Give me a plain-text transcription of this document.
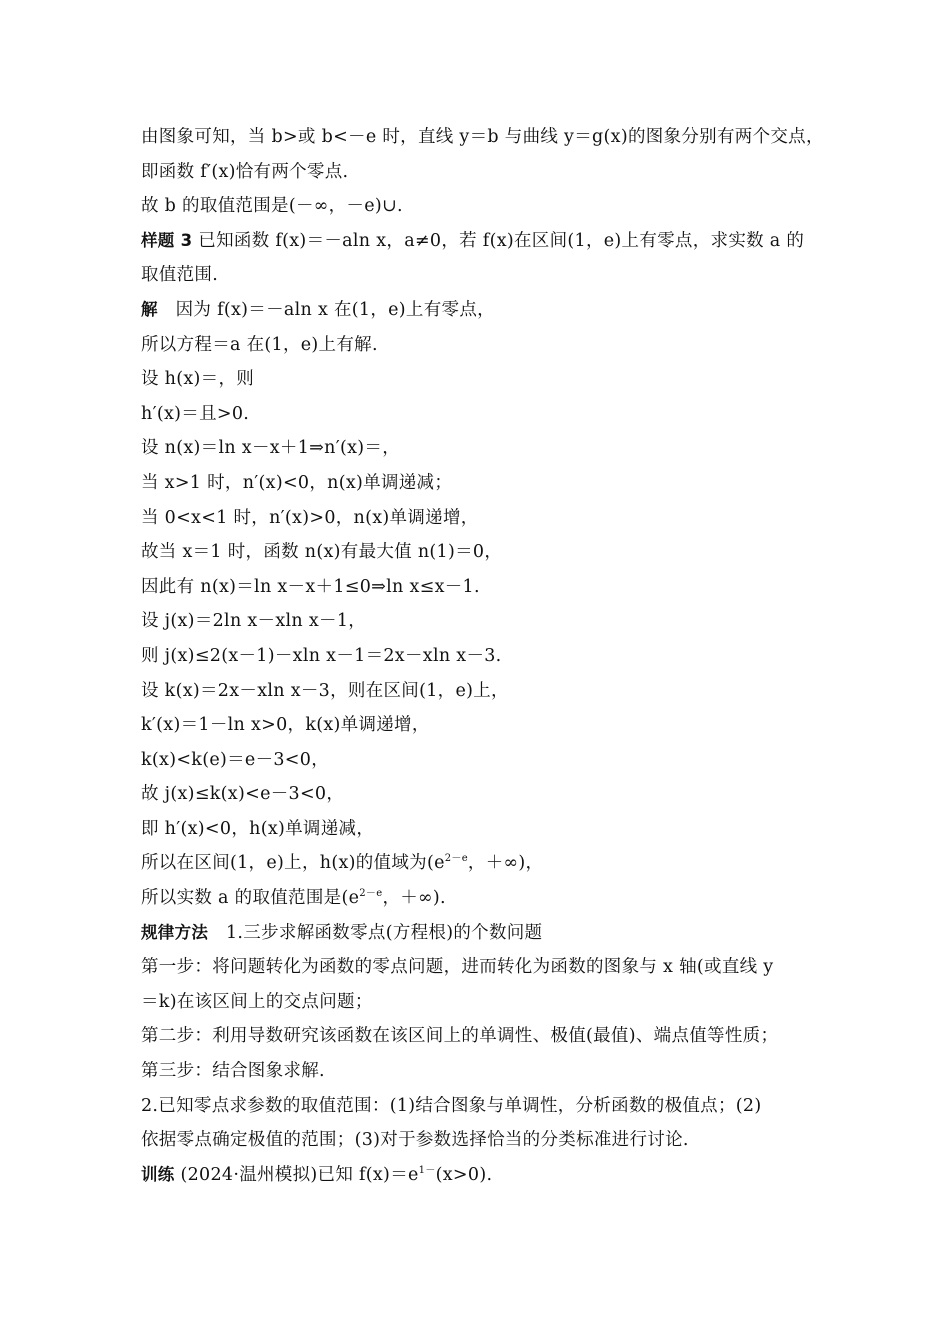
由图象可知，当 b>或 b<－e 时，直线 y＝b 与曲线 y＝g(x)的图象分别有两个交点，
即函数 f′(x)恰有两个零点.
故 b 的取值范围是(－∞，－e)∪.
样题 3 已知函数 f(x)＝－aln x，a≠0，若 f(x)在区间(1，e)上有零点，求实数 a 的
取值范围.
解　因为 f(x)＝－aln x 在(1，e)上有零点，
所以方程＝a 在(1，e)上有解.
设 h(x)＝，则
h′(x)＝且>0.
设 n(x)＝ln x－x＋1⇒n′(x)＝，
当 x>1 时，n′(x)<0，n(x)单调递减；
当 0<x<1 时，n′(x)>0，n(x)单调递增，
故当 x＝1 时，函数 n(x)有最大值 n(1)＝0，
因此有 n(x)＝ln x－x＋1≤0⇒ln x≤x－1.
设 j(x)＝2ln x－xln x－1，
则 j(x)≤2(x－1)－xln x－1＝2x－xln x－3.
设 k(x)＝2x－xln x－3，则在区间(1，e)上，
k′(x)＝1－ln x>0，k(x)单调递增，
k(x)<k(e)＝e－3<0，
故 j(x)≤k(x)<e－3<0，
即 h′(x)<0，h(x)单调递减，
所以在区间(1，e)上，h(x)的值域为($e^{2-e}$，＋∞)，
所以实数 a 的取值范围是($e^{2-e}$，＋∞).
规律方法　1.三步求解函数零点(方程根)的个数问题
第一步：将问题转化为函数的零点问题，进而转化为函数的图象与 x 轴(或直线 y
＝k)在该区间上的交点问题；
第二步：利用导数研究该函数在该区间上的单调性、极值(最值)、端点值等性质；
第三步：结合图象求解.
2.已知零点求参数的取值范围：(1)结合图象与单调性，分析函数的极值点；(2)
依据零点确定极值的范围；(3)对于参数选择恰当的分类标准进行讨论.
训练 (2024·温州模拟)已知 $f(x)=e^{1-}(x>0)$.
